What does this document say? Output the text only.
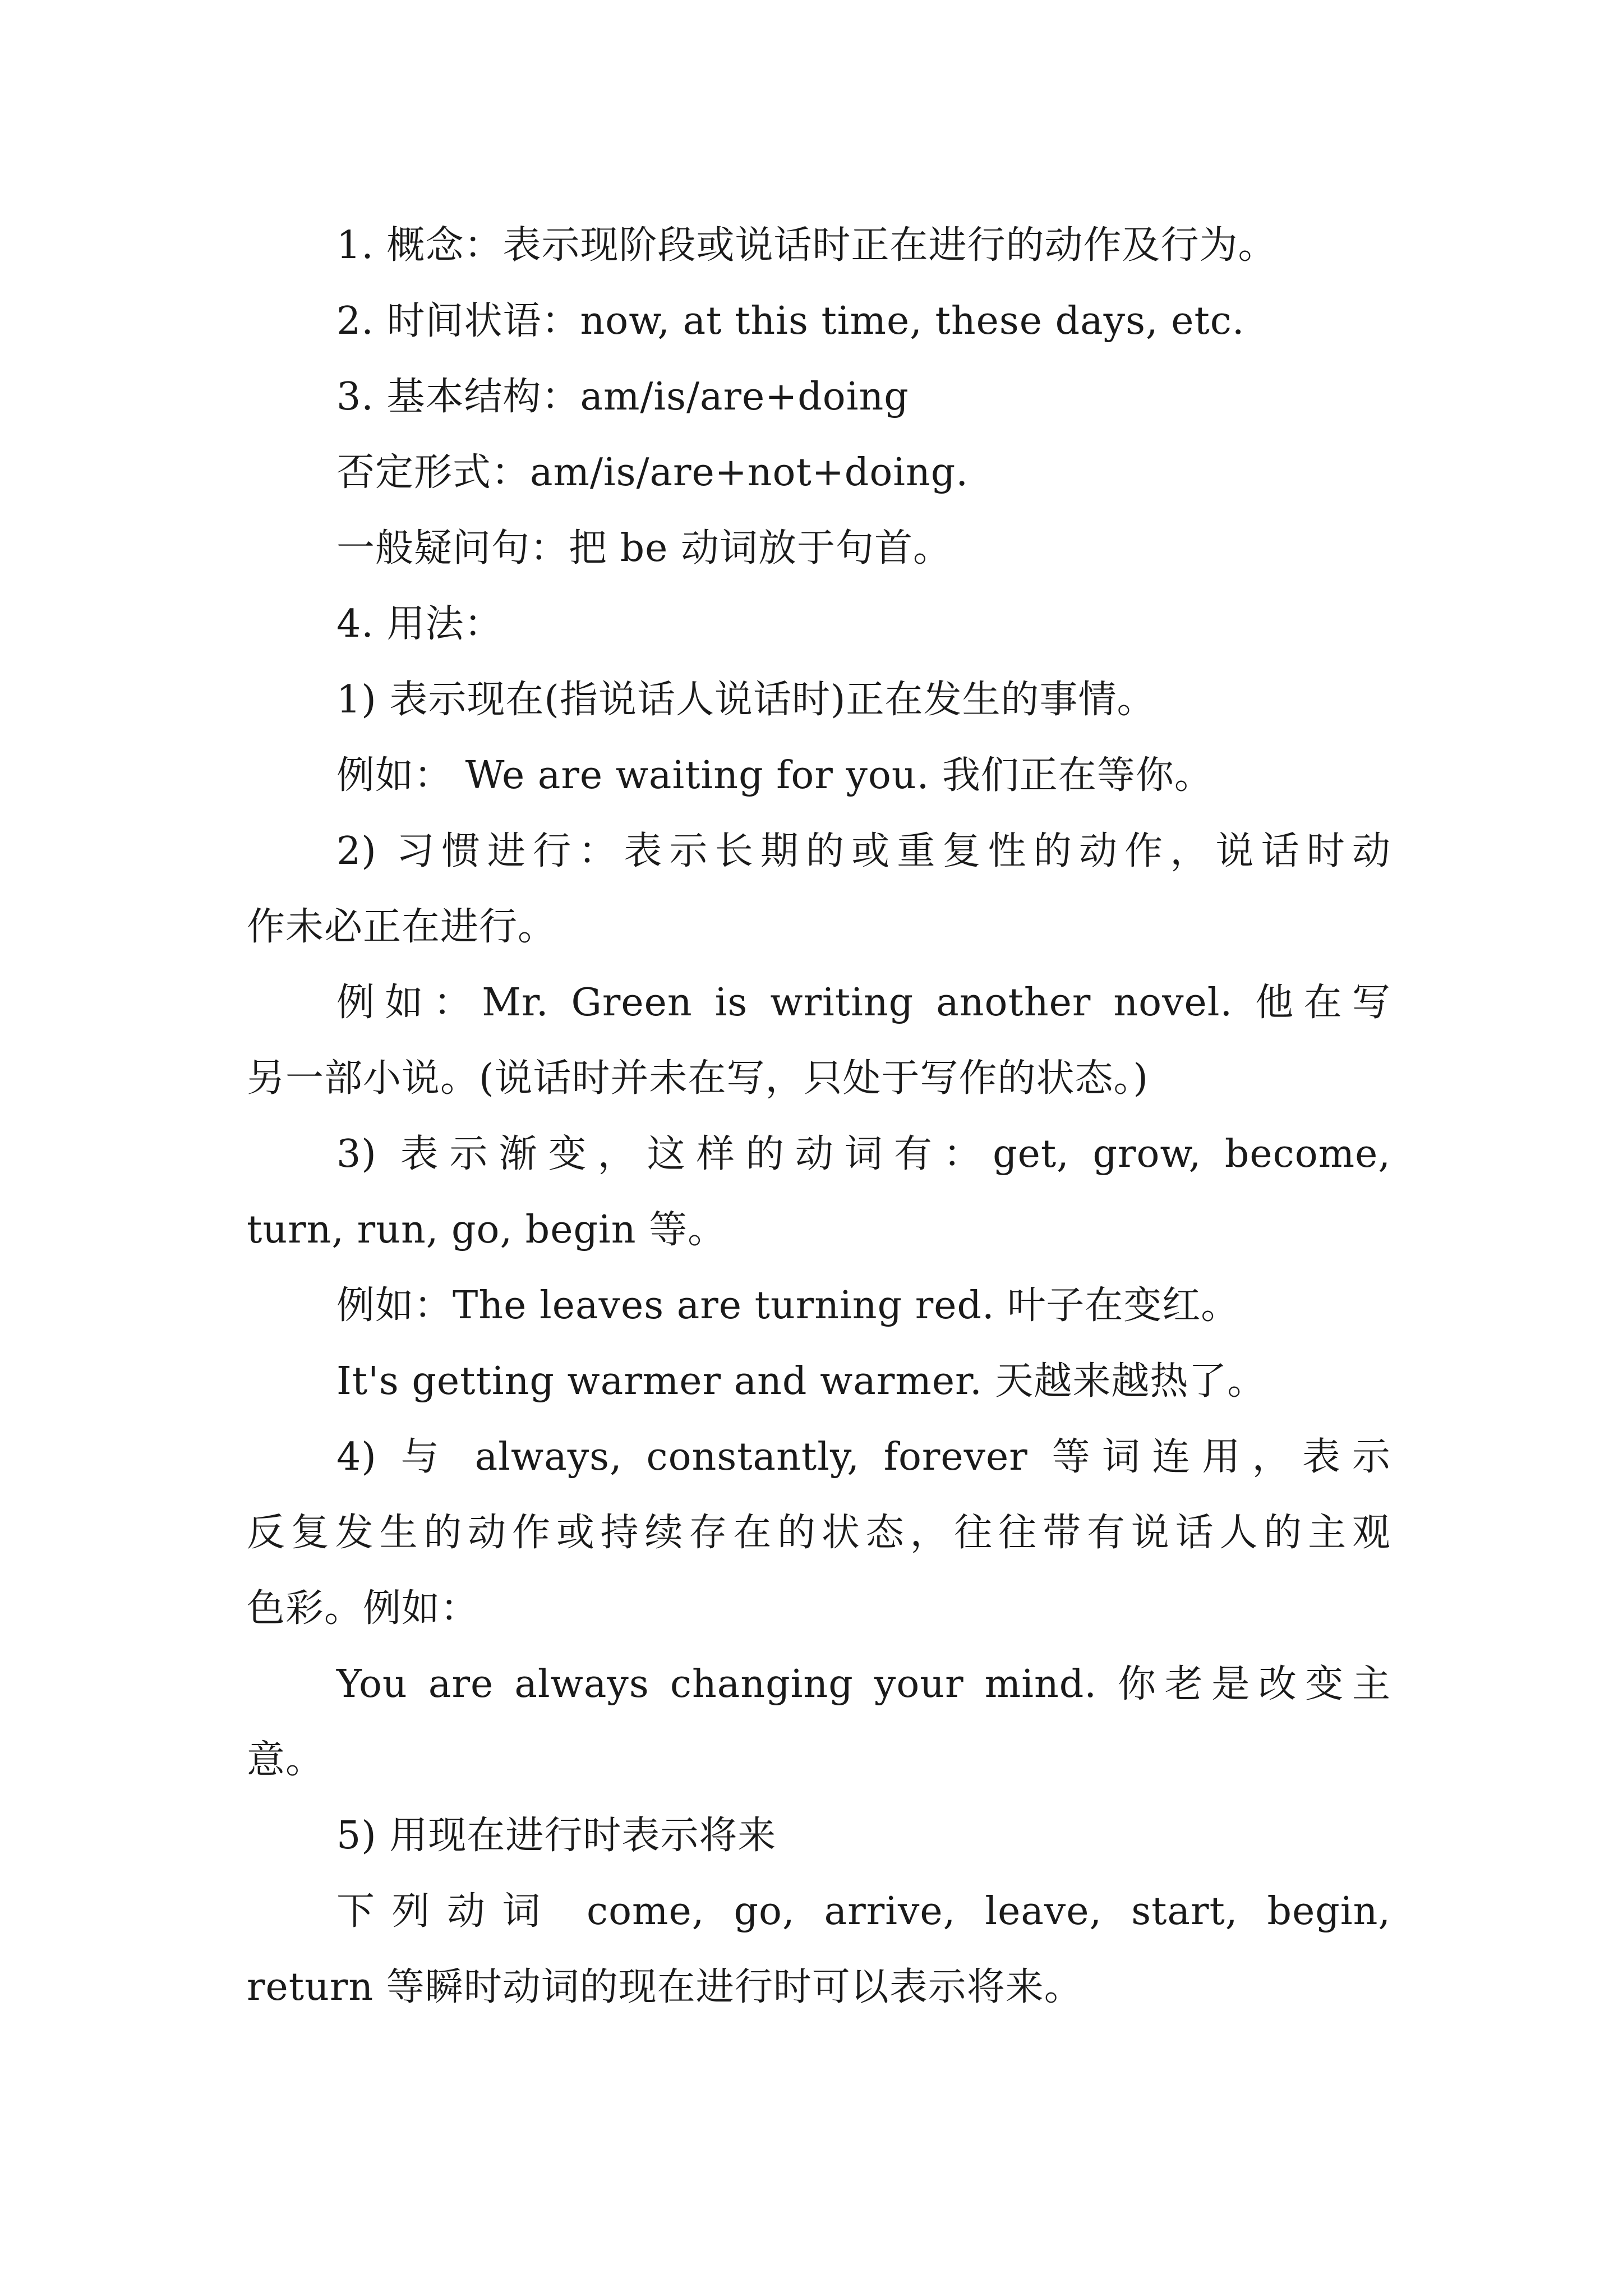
1. 概念：表示现阶段或说话时正在进行的动作及行为。
2. 时间状语：now, at this time, these days, etc.
3. 基本结构：am/is/are+doing
否定形式：am/is/are+not+doing.
一般疑问句：把 be 动词放于句首。
4. 用法：
1) 表示现在(指说话人说话时)正在发生的事情。
例如： We are waiting for you. 我们正在等你。
2) 习惯进行：表示长期的或重复性的动作，说话时动
作未必正在进行。
例如：Mr. Green is writing another novel. 他在写
另一部小说。(说话时并未在写，只处于写作的状态。)
3) 表示渐变，这样的动词有：get, grow, become,
turn, run, go, begin 等。
例如：The leaves are turning red. 叶子在变红。
It's getting warmer and warmer. 天越来越热了。
4) 与 always, constantly, forever 等词连用，表示
反复发生的动作或持续存在的状态，往往带有说话人的主观
色彩。例如：
You are always changing your mind. 你老是改变主
意。
5) 用现在进行时表示将来
下列动词 come, go, arrive, leave, start, begin,
return 等瞬时动词的现在进行时可以表示将来。
